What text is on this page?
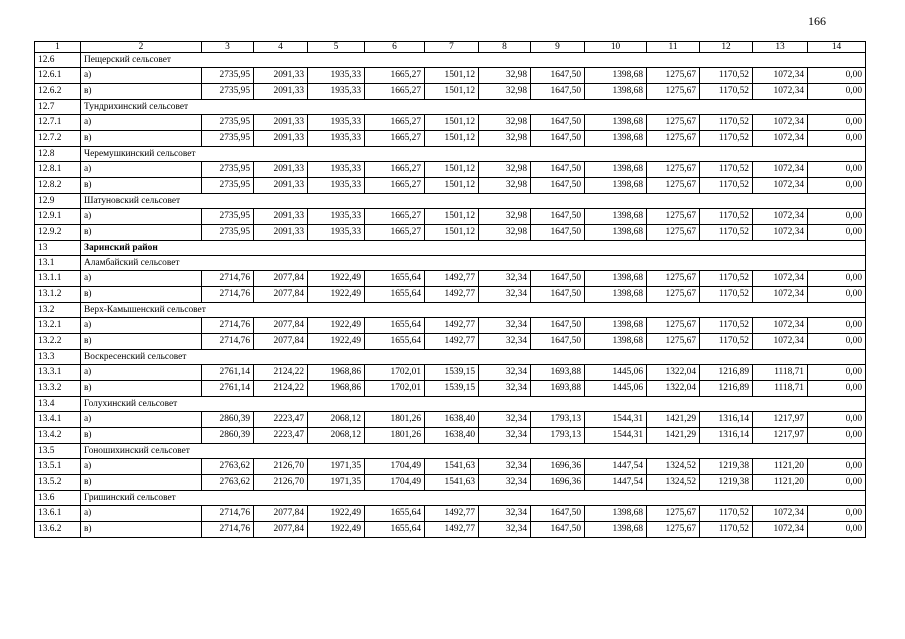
166
1	2	3	4	5	6	7	8	9	10	11	12	13	14
12.6	Пещерский сельсовет												
12.6.1	а)	2735,95	2091,33	1935,33	1665,27	1501,12	32,98	1647,50	1398,68	1275,67	1170,52	1072,34	0,00
12.6.2	в)	2735,95	2091,33	1935,33	1665,27	1501,12	32,98	1647,50	1398,68	1275,67	1170,52	1072,34	0,00
12.7	Тундрихинский сельсовет												
12.7.1	а)	2735,95	2091,33	1935,33	1665,27	1501,12	32,98	1647,50	1398,68	1275,67	1170,52	1072,34	0,00
12.7.2	в)	2735,95	2091,33	1935,33	1665,27	1501,12	32,98	1647,50	1398,68	1275,67	1170,52	1072,34	0,00
12.8	Черемушкинский сельсовет												
12.8.1	а)	2735,95	2091,33	1935,33	1665,27	1501,12	32,98	1647,50	1398,68	1275,67	1170,52	1072,34	0,00
12.8.2	в)	2735,95	2091,33	1935,33	1665,27	1501,12	32,98	1647,50	1398,68	1275,67	1170,52	1072,34	0,00
12.9	Шатуновский сельсовет												
12.9.1	а)	2735,95	2091,33	1935,33	1665,27	1501,12	32,98	1647,50	1398,68	1275,67	1170,52	1072,34	0,00
12.9.2	в)	2735,95	2091,33	1935,33	1665,27	1501,12	32,98	1647,50	1398,68	1275,67	1170,52	1072,34	0,00
13	Заринский район												
13.1	Аламбайский сельсовет												
13.1.1	а)	2714,76	2077,84	1922,49	1655,64	1492,77	32,34	1647,50	1398,68	1275,67	1170,52	1072,34	0,00
13.1.2	в)	2714,76	2077,84	1922,49	1655,64	1492,77	32,34	1647,50	1398,68	1275,67	1170,52	1072,34	0,00
13.2	Верх-Камышенский сельсовет												
13.2.1	а)	2714,76	2077,84	1922,49	1655,64	1492,77	32,34	1647,50	1398,68	1275,67	1170,52	1072,34	0,00
13.2.2	в)	2714,76	2077,84	1922,49	1655,64	1492,77	32,34	1647,50	1398,68	1275,67	1170,52	1072,34	0,00
13.3	Воскресенский сельсовет												
13.3.1	а)	2761,14	2124,22	1968,86	1702,01	1539,15	32,34	1693,88	1445,06	1322,04	1216,89	1118,71	0,00
13.3.2	в)	2761,14	2124,22	1968,86	1702,01	1539,15	32,34	1693,88	1445,06	1322,04	1216,89	1118,71	0,00
13.4	Голухинский сельсовет												
13.4.1	а)	2860,39	2223,47	2068,12	1801,26	1638,40	32,34	1793,13	1544,31	1421,29	1316,14	1217,97	0,00
13.4.2	в)	2860,39	2223,47	2068,12	1801,26	1638,40	32,34	1793,13	1544,31	1421,29	1316,14	1217,97	0,00
13.5	Гоношихинский сельсовет												
13.5.1	а)	2763,62	2126,70	1971,35	1704,49	1541,63	32,34	1696,36	1447,54	1324,52	1219,38	1121,20	0,00
13.5.2	в)	2763,62	2126,70	1971,35	1704,49	1541,63	32,34	1696,36	1447,54	1324,52	1219,38	1121,20	0,00
13.6	Гришинский сельсовет												
13.6.1	а)	2714,76	2077,84	1922,49	1655,64	1492,77	32,34	1647,50	1398,68	1275,67	1170,52	1072,34	0,00
13.6.2	в)	2714,76	2077,84	1922,49	1655,64	1492,77	32,34	1647,50	1398,68	1275,67	1170,52	1072,34	0,00
